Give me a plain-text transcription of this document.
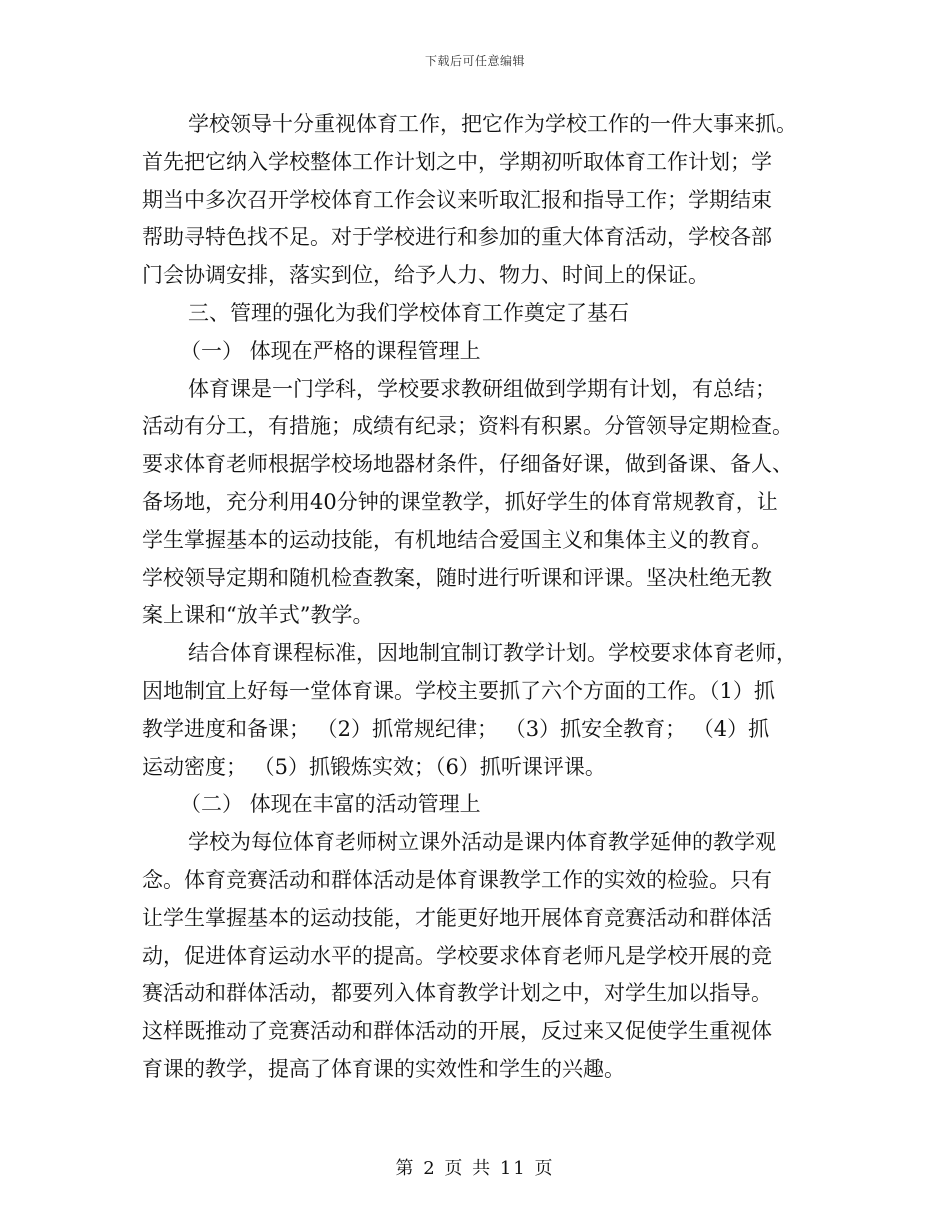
下载后可任意编辑
学校领导十分重视体育工作，把它作为学校工作的一件大事来抓。
首先把它纳入学校整体工作计划之中，学期初听取体育工作计划；学
期当中多次召开学校体育工作会议来听取汇报和指导工作；学期结束
帮助寻特色找不足。对于学校进行和参加的重大体育活动，学校各部
门会协调安排，落实到位，给予人力、物力、时间上的保证。
三、管理的强化为我们学校体育工作奠定了基石
（一） 体现在严格的课程管理上
体育课是一门学科，学校要求教研组做到学期有计划，有总结；
活动有分工，有措施；成绩有纪录；资料有积累。分管领导定期检查。
要求体育老师根据学校场地器材条件，仔细备好课，做到备课、备人、
备场地，充分利用40分钟的课堂教学，抓好学生的体育常规教育，让
学生掌握基本的运动技能，有机地结合爱国主义和集体主义的教育。
学校领导定期和随机检查教案，随时进行听课和评课。坚决杜绝无教
案上课和“放羊式”教学。
结合体育课程标准，因地制宜制订教学计划。学校要求体育老师，
因地制宜上好每一堂体育课。学校主要抓了六个方面的工作。（1）抓
教学进度和备课； （2）抓常规纪律； （3）抓安全教育； （4）抓
运动密度； （5）抓锻炼实效；（6）抓听课评课。
（二） 体现在丰富的活动管理上
学校为每位体育老师树立课外活动是课内体育教学延伸的教学观
念。体育竞赛活动和群体活动是体育课教学工作的实效的检验。只有
让学生掌握基本的运动技能，才能更好地开展体育竞赛活动和群体活
动，促进体育运动水平的提高。学校要求体育老师凡是学校开展的竞
赛活动和群体活动，都要列入体育教学计划之中，对学生加以指导。
这样既推动了竞赛活动和群体活动的开展，反过来又促使学生重视体
育课的教学，提高了体育课的实效性和学生的兴趣。
第 2 页 共 11 页
